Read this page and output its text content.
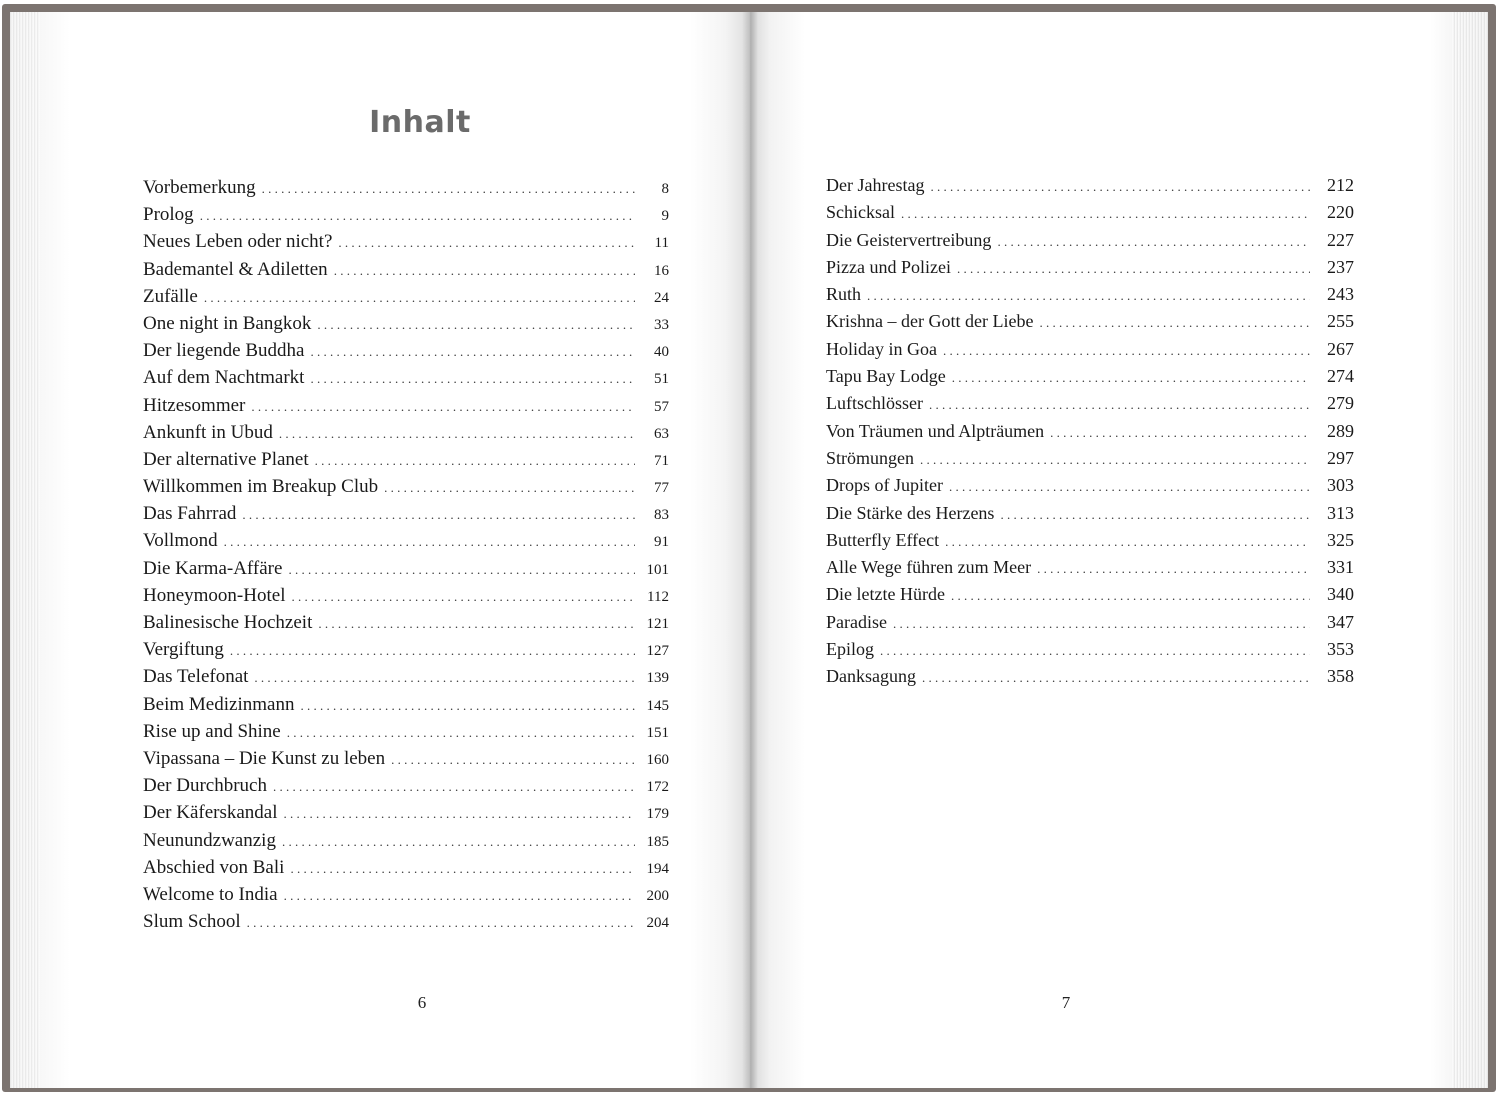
Inhalt
Vorbemerkung . . .	8
Prolog . . .	9
Neues Leben oder nicht? . . .	11
Bademantel & Adiletten . . .	16
Zufälle . . .	24
One night in Bangkok . . .	33
Der liegende Buddha . . .	40
Auf dem Nachtmarkt . . .	51
Hitzesommer . . .	57
Ankunft in Ubud . . .	63
Der alternative Planet . . .	71
Willkommen im Breakup Club . . .	77
Das Fahrrad . . .	83
Vollmond . . .	91
Die Karma-Affäre . . .	101
Honeymoon-Hotel . . .	112
Balinesische Hochzeit . . .	121
Vergiftung . . .	127
Das Telefonat . . .	139
Beim Medizinmann . . .	145
Rise up and Shine . . .	151
Vipassana – Die Kunst zu leben . . .	160
Der Durchbruch . . .	172
Der Käferskandal . . .	179
Neunundzwanzig . . .	185
Abschied von Bali . . .	194
Welcome to India . . .	200
Slum School . . .	204
Der Jahrestag . . .	212
Schicksal . . .	220
Die Geistervertreibung . . .	227
Pizza und Polizei . . .	237
Ruth . . .	243
Krishna – der Gott der Liebe . . .	255
Holiday in Goa . . .	267
Tapu Bay Lodge . . .	274
Luftschlösser . . .	279
Von Träumen und Alpträumen . . .	289
Strömungen . . .	297
Drops of Jupiter . . .	303
Die Stärke des Herzens . . .	313
Butterfly Effect . . .	325
Alle Wege führen zum Meer . . .	331
Die letzte Hürde . . .	340
Paradise . . .	347
Epilog . . .	353
Danksagung . . .	358
6	7
